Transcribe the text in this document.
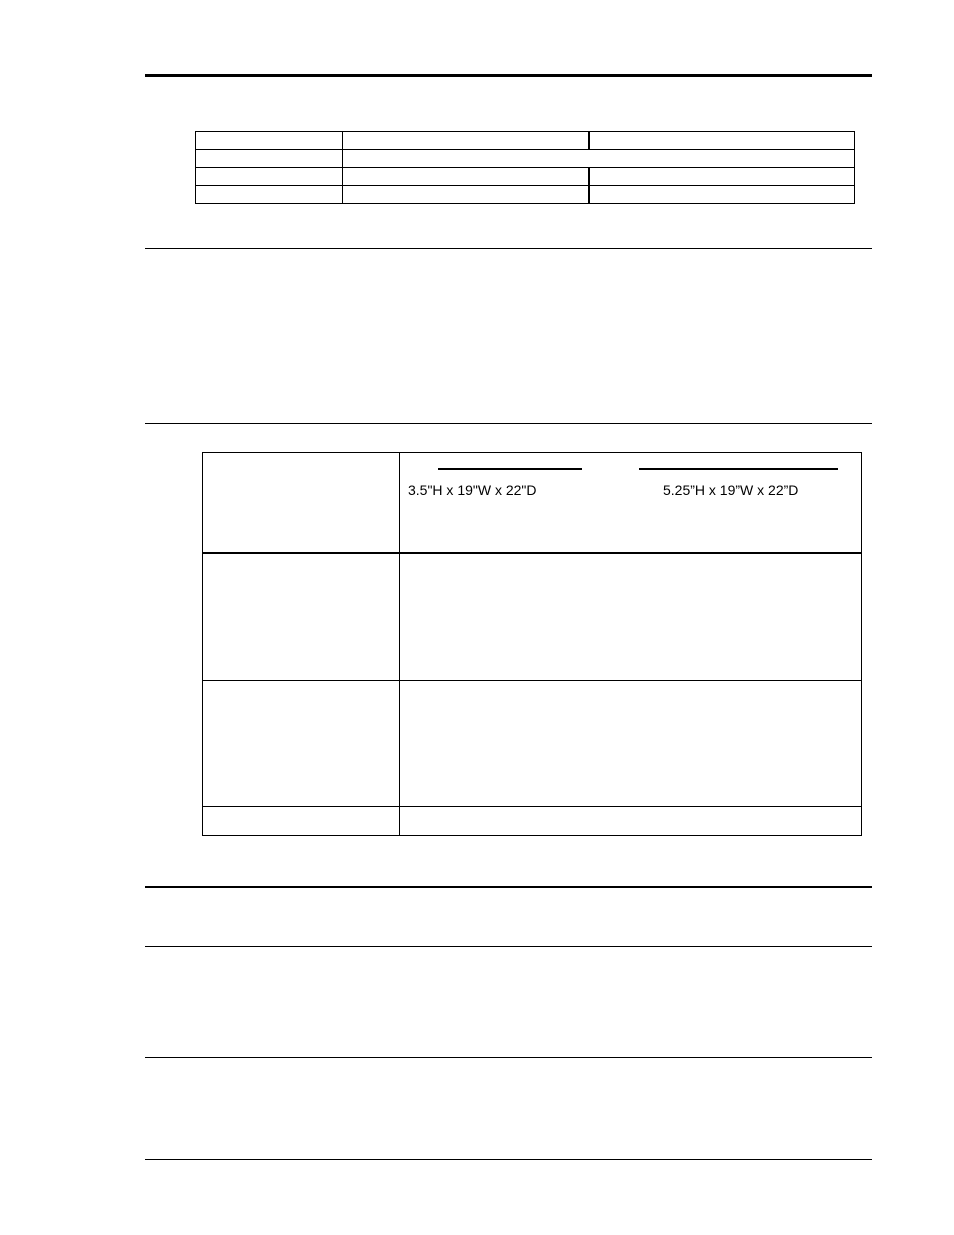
	3.5"H x 19"W x 22"D 5.25”H x 19”W x 22”D
